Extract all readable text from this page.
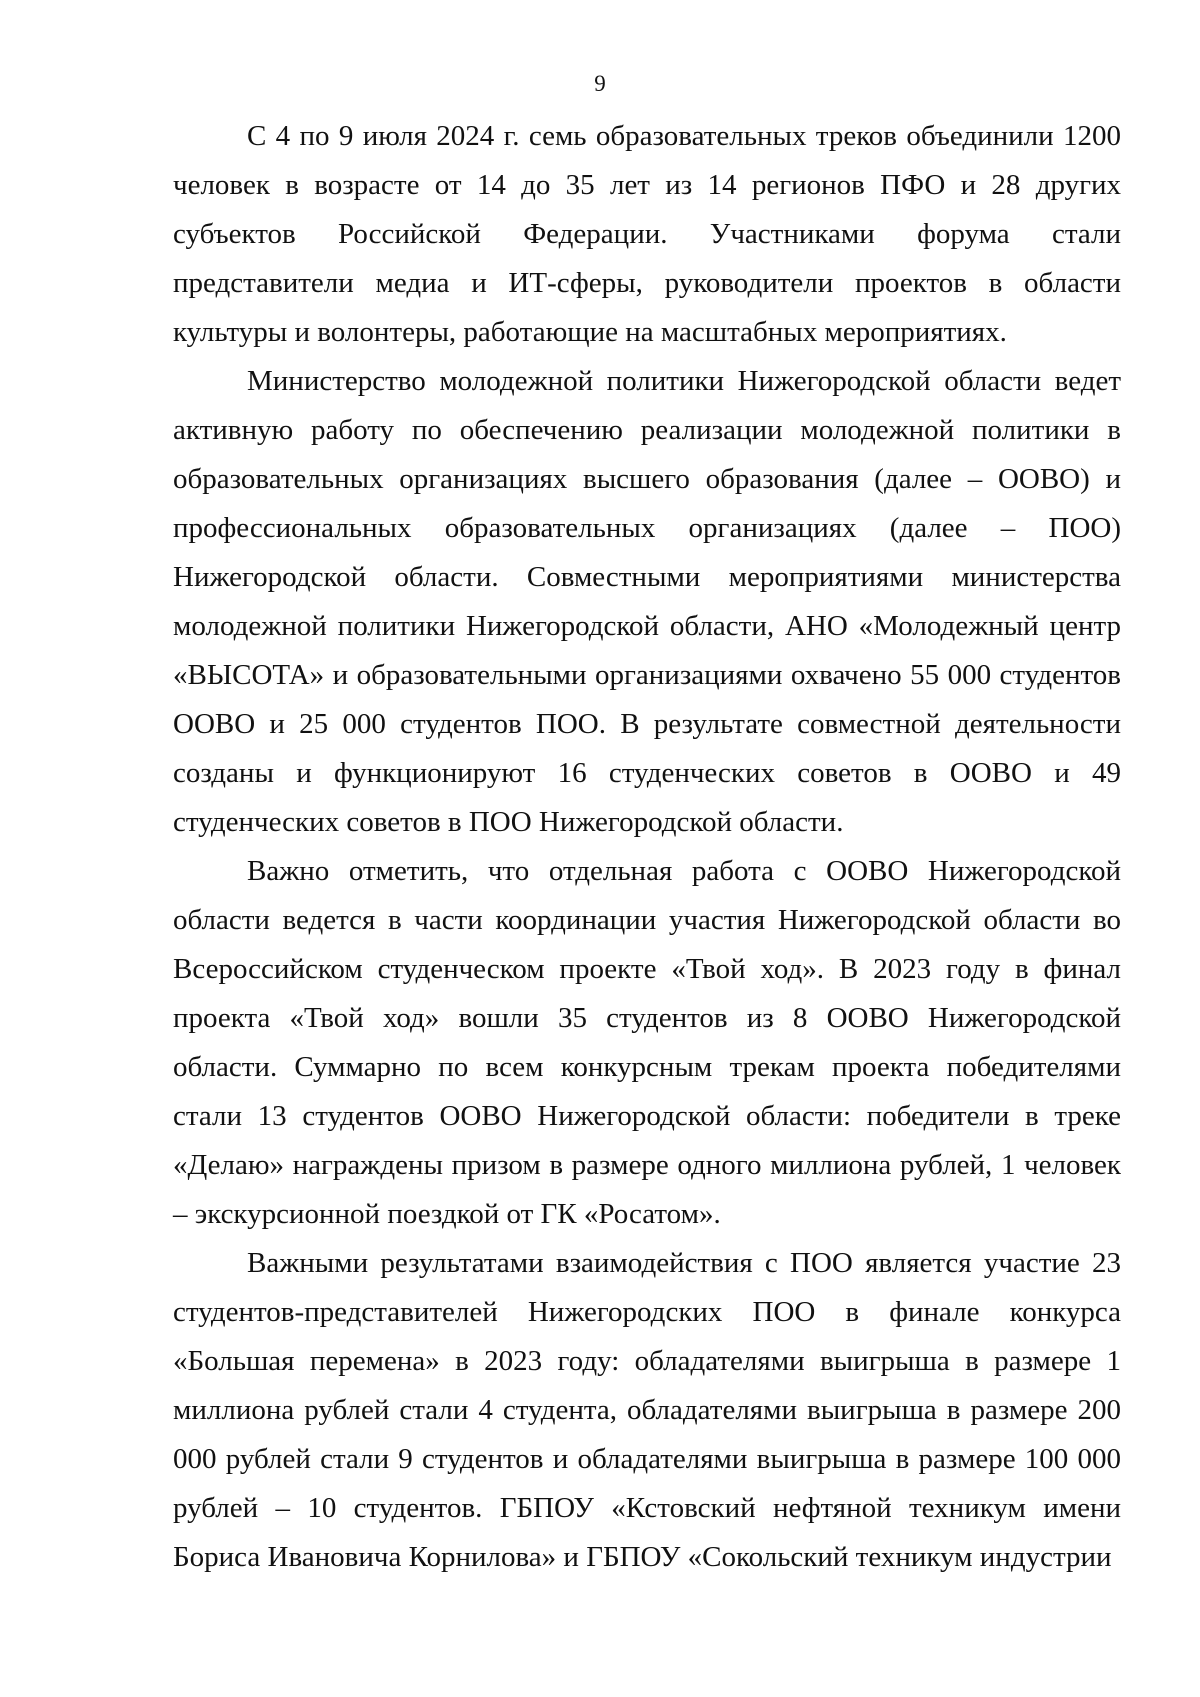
9

С 4 по 9 июля 2024 г. семь образовательных треков объединили 1200 человек в возрасте от 14 до 35 лет из 14 регионов ПФО и 28 других субъектов Российской Федерации. Участниками форума стали представители медиа и ИТ-сферы, руководители проектов в области культуры и волонтеры, работающие на масштабных мероприятиях.

Министерство молодежной политики Нижегородской области ведет активную работу по обеспечению реализации молодежной политики в образовательных организациях высшего образования (далее – ООВО) и профессиональных образовательных организациях (далее – ПОО) Нижегородской области. Совместными мероприятиями министерства молодежной политики Нижегородской области, АНО «Молодежный центр «ВЫСОТА» и образовательными организациями охвачено 55 000 студентов ООВО и 25 000 студентов ПОО. В результате совместной деятельности созданы и функционируют 16 студенческих советов в ООВО и 49 студенческих советов в ПОО Нижегородской области.

Важно отметить, что отдельная работа с ООВО Нижегородской области ведется в части координации участия Нижегородской области во Всероссийском студенческом проекте «Твой ход». В 2023 году в финал проекта «Твой ход» вошли 35 студентов из 8 ООВО Нижегородской области. Суммарно по всем конкурсным трекам проекта победителями стали 13 студентов ООВО Нижегородской области: победители в треке «Делаю» награждены призом в размере одного миллиона рублей, 1 человек – экскурсионной поездкой от ГК «Росатом».

Важными результатами взаимодействия с ПОО является участие 23 студентов-представителей Нижегородских ПОО в финале конкурса «Большая перемена» в 2023 году: обладателями выигрыша в размере 1 миллиона рублей стали 4 студента, обладателями выигрыша в размере 200 000 рублей стали 9 студентов и обладателями выигрыша в размере 100 000 рублей – 10 студентов. ГБПОУ «Кстовский нефтяной техникум имени Бориса Ивановича Корнилова» и ГБПОУ «Сокольский техникум индустрии
